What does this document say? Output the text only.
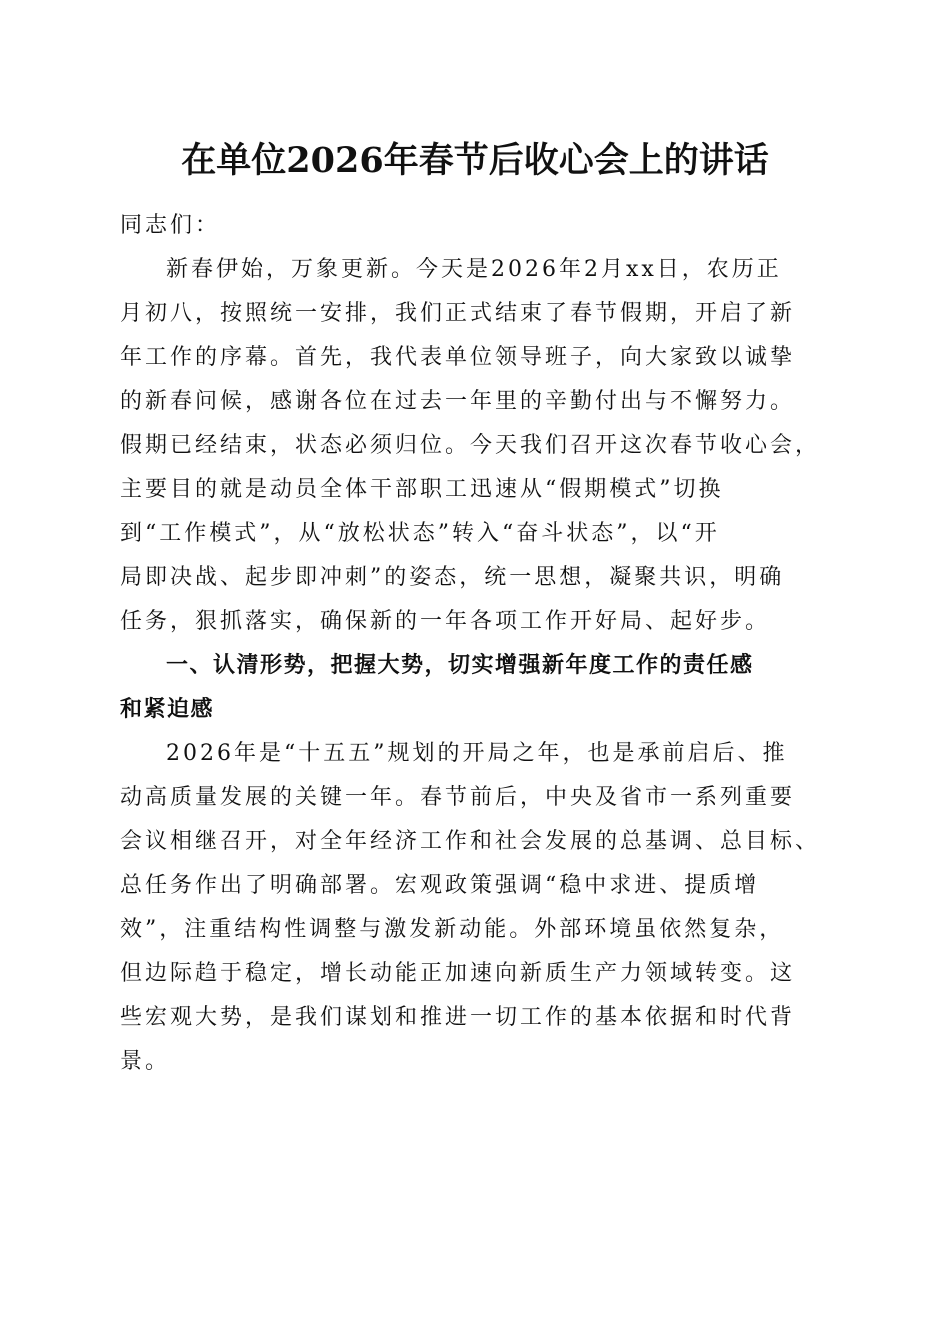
在单位2026年春节后收心会上的讲话
同志们：
新春伊始，万象更新。今天是2026年2月xx日，农历正
月初八，按照统一安排，我们正式结束了春节假期，开启了新
年工作的序幕。首先，我代表单位领导班子，向大家致以诚挚
的新春问候，感谢各位在过去一年里的辛勤付出与不懈努力。
假期已经结束，状态必须归位。今天我们召开这次春节收心会，
主要目的就是动员全体干部职工迅速从“假期模式”切换
到“工作模式”，从“放松状态”转入“奋斗状态”，以“开
局即决战、起步即冲刺”的姿态，统一思想，凝聚共识，明确
任务，狠抓落实，确保新的一年各项工作开好局、起好步。
一、认清形势，把握大势，切实增强新年度工作的责任感
和紧迫感
2026年是“十五五”规划的开局之年，也是承前启后、推
动高质量发展的关键一年。春节前后，中央及省市一系列重要
会议相继召开，对全年经济工作和社会发展的总基调、总目标、
总任务作出了明确部署。宏观政策强调“稳中求进、提质增
效”，注重结构性调整与激发新动能。外部环境虽依然复杂，
但边际趋于稳定，增长动能正加速向新质生产力领域转变。这
些宏观大势，是我们谋划和推进一切工作的基本依据和时代背
景。
